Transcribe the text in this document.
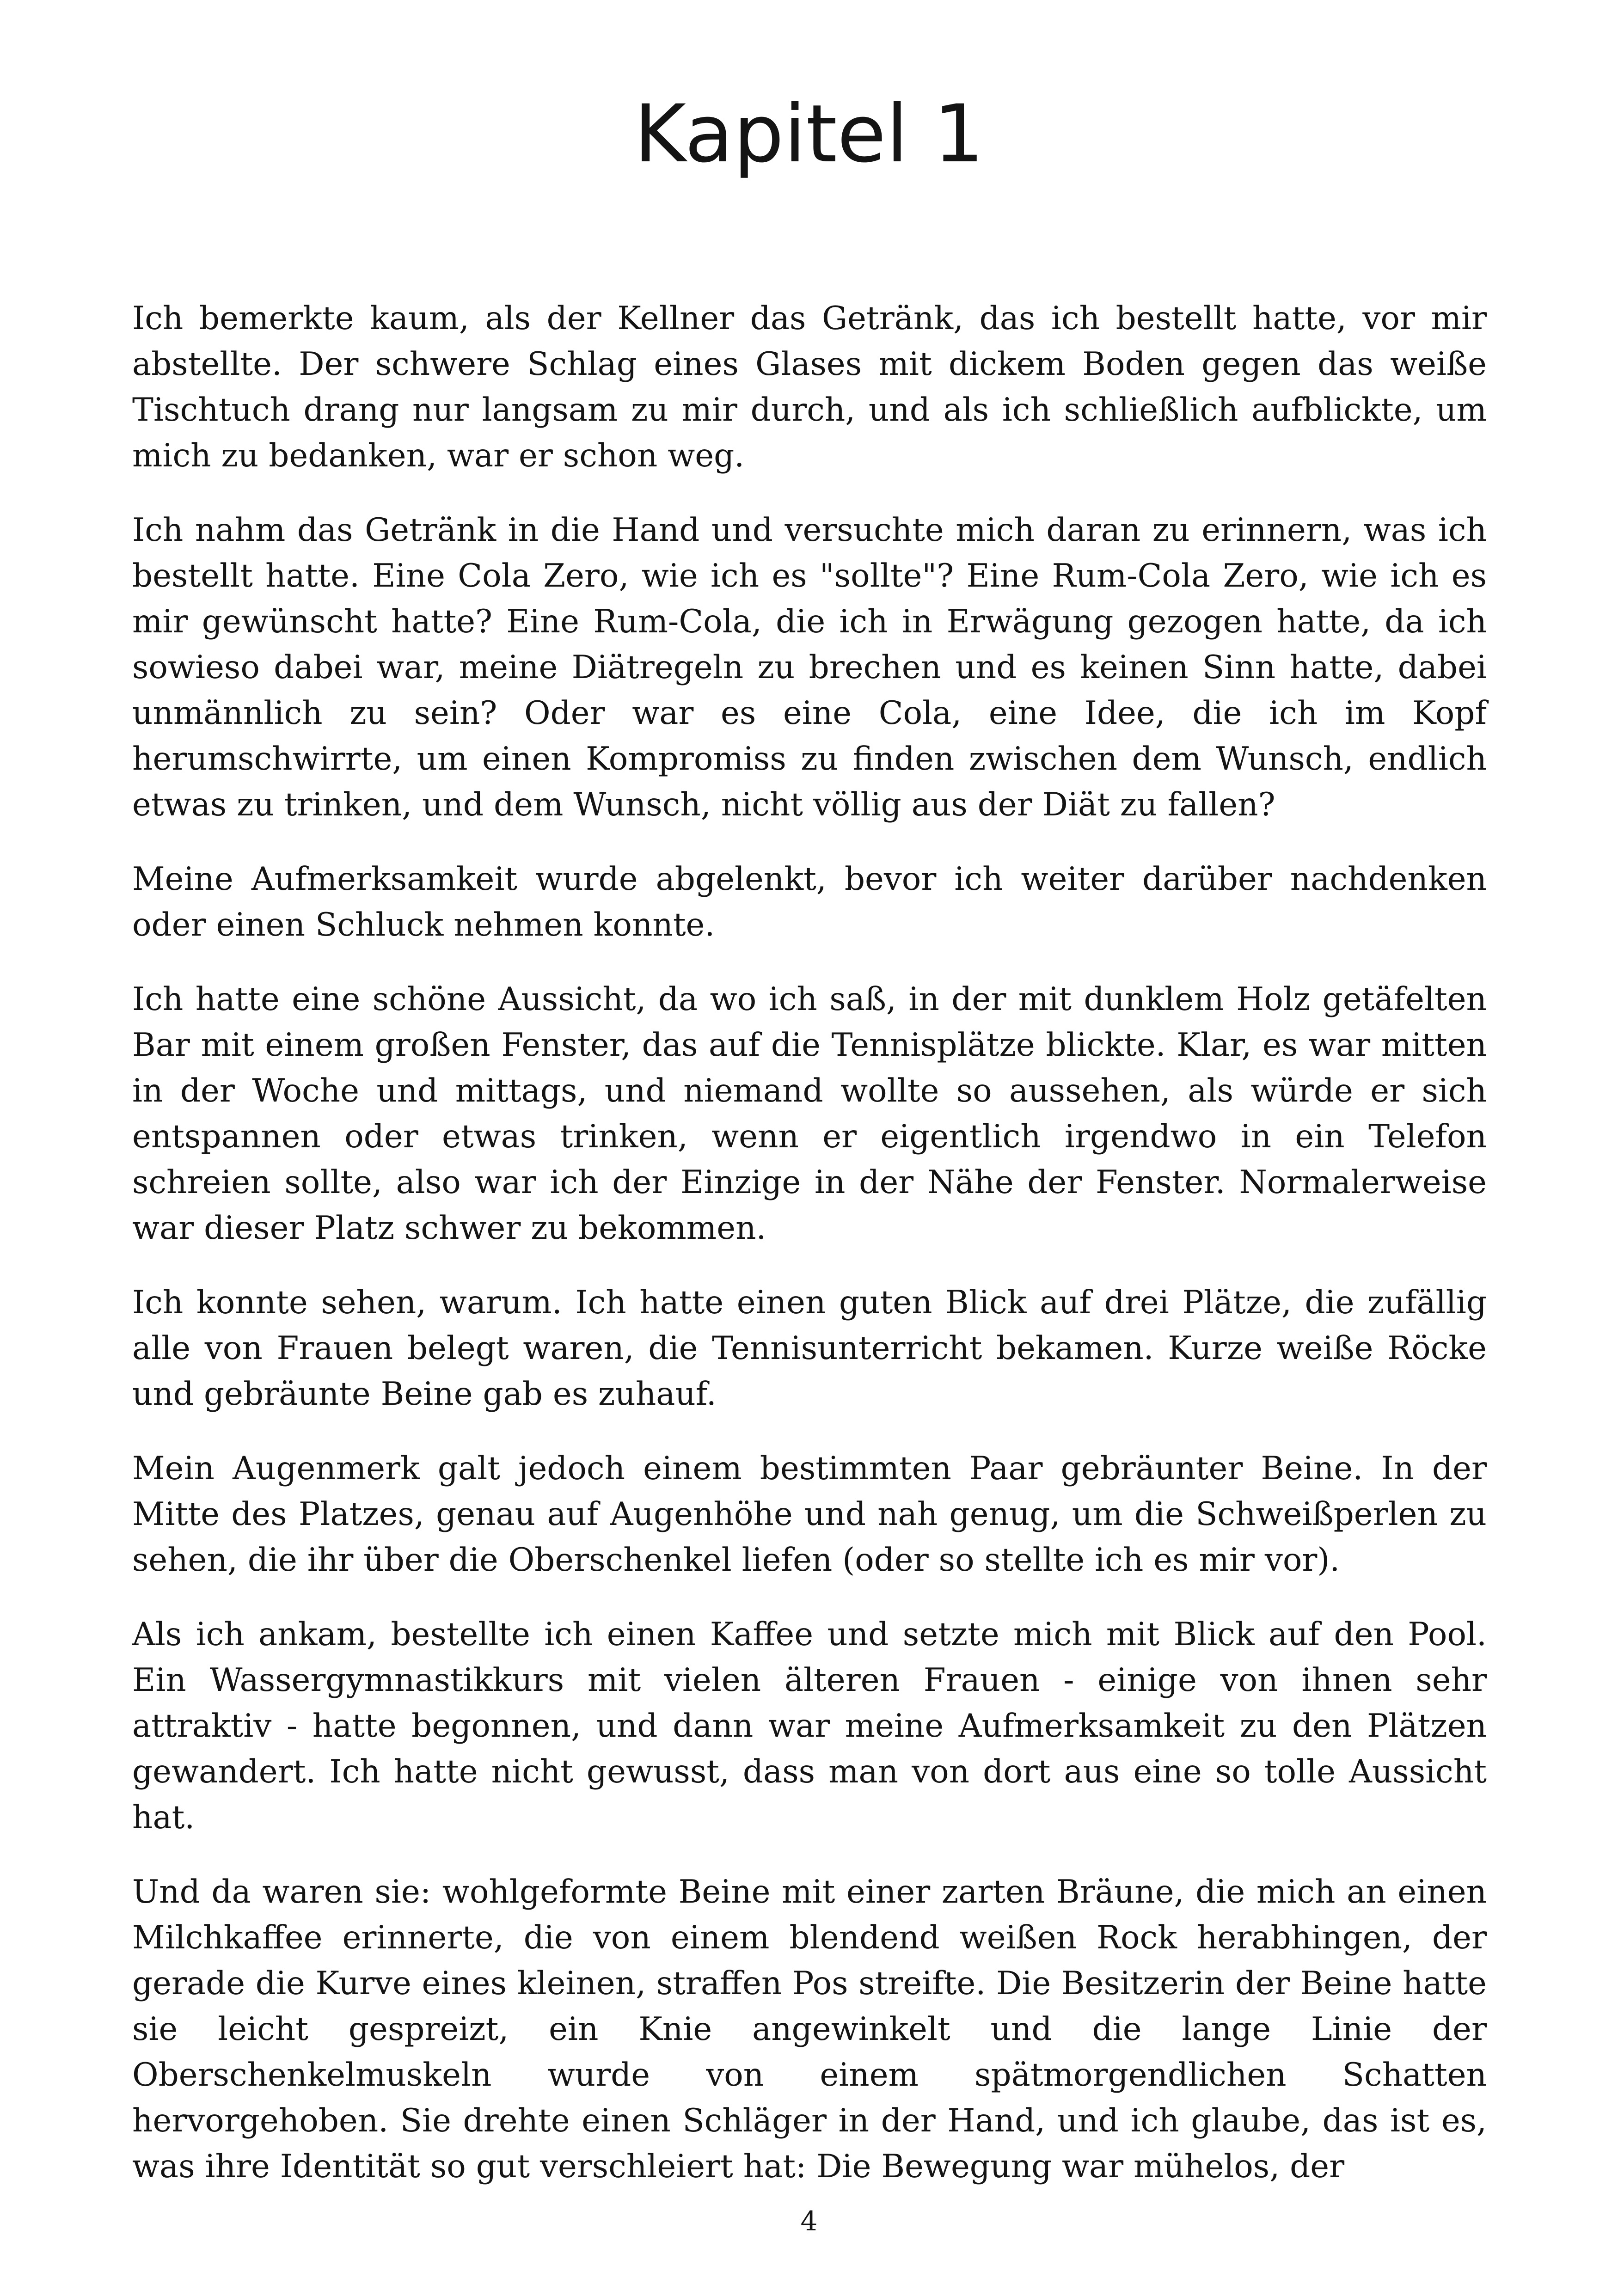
Kapitel 1

Ich bemerkte kaum, als der Kellner das Getränk, das ich bestellt hatte, vor mir abstellte. Der schwere Schlag eines Glases mit dickem Boden gegen das weiße Tischtuch drang nur langsam zu mir durch, und als ich schließlich aufblickte, um mich zu bedanken, war er schon weg.

Ich nahm das Getränk in die Hand und versuchte mich daran zu erinnern, was ich bestellt hatte. Eine Cola Zero, wie ich es "sollte"? Eine Rum-Cola Zero, wie ich es mir gewünscht hatte? Eine Rum-Cola, die ich in Erwägung gezogen hatte, da ich sowieso dabei war, meine Diätregeln zu brechen und es keinen Sinn hatte, dabei unmännlich zu sein? Oder war es eine Cola, eine Idee, die ich im Kopf herumschwirrte, um einen Kompromiss zu finden zwischen dem Wunsch, endlich etwas zu trinken, und dem Wunsch, nicht völlig aus der Diät zu fallen?

Meine Aufmerksamkeit wurde abgelenkt, bevor ich weiter darüber nachdenken oder einen Schluck nehmen konnte.

Ich hatte eine schöne Aussicht, da wo ich saß, in der mit dunklem Holz getäfelten Bar mit einem großen Fenster, das auf die Tennisplätze blickte. Klar, es war mitten in der Woche und mittags, und niemand wollte so aussehen, als würde er sich entspannen oder etwas trinken, wenn er eigentlich irgendwo in ein Telefon schreien sollte, also war ich der Einzige in der Nähe der Fenster. Normalerweise war dieser Platz schwer zu bekommen.

Ich konnte sehen, warum. Ich hatte einen guten Blick auf drei Plätze, die zufällig alle von Frauen belegt waren, die Tennisunterricht bekamen. Kurze weiße Röcke und gebräunte Beine gab es zuhauf.

Mein Augenmerk galt jedoch einem bestimmten Paar gebräunter Beine. In der Mitte des Platzes, genau auf Augenhöhe und nah genug, um die Schweißperlen zu sehen, die ihr über die Oberschenkel liefen (oder so stellte ich es mir vor).

Als ich ankam, bestellte ich einen Kaffee und setzte mich mit Blick auf den Pool. Ein Wassergymnastikkurs mit vielen älteren Frauen - einige von ihnen sehr attraktiv - hatte begonnen, und dann war meine Aufmerksamkeit zu den Plätzen gewandert. Ich hatte nicht gewusst, dass man von dort aus eine so tolle Aussicht hat.

Und da waren sie: wohlgeformte Beine mit einer zarten Bräune, die mich an einen Milchkaffee erinnerte, die von einem blendend weißen Rock herabhingen, der gerade die Kurve eines kleinen, straffen Pos streifte. Die Besitzerin der Beine hatte sie leicht gespreizt, ein Knie angewinkelt und die lange Linie der Oberschenkelmuskeln wurde von einem spätmorgendlichen Schatten hervorgehoben. Sie drehte einen Schläger in der Hand, und ich glaube, das ist es, was ihre Identität so gut verschleiert hat: Die Bewegung war mühelos, der

4
